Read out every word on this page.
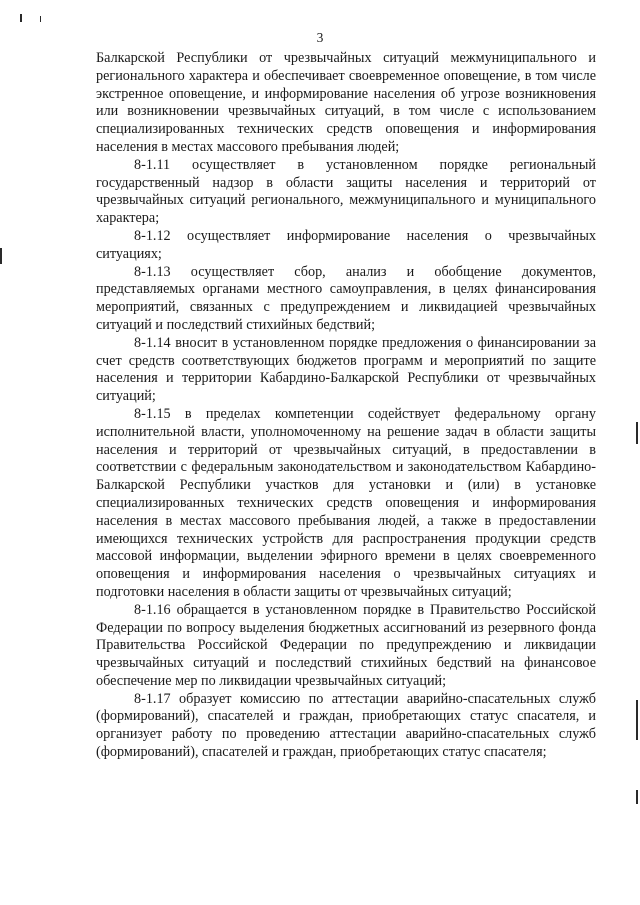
3

Балкарской Республики от чрезвычайных ситуаций межмуниципального и регионального характера и обеспечивает своевременное оповещение, в том числе экстренное оповещение, и информирование населения об угрозе возникновения или возникновении чрезвычайных ситуаций, в том числе с использованием специализированных технических средств оповещения и информирования населения в местах массового пребывания людей;

8-1.11 осуществляет в установленном порядке региональный государственный надзор в области защиты населения и территорий от чрезвычайных ситуаций регионального, межмуниципального и муниципального характера;

8-1.12 осуществляет информирование населения о чрезвычайных ситуациях;

8-1.13 осуществляет сбор, анализ и обобщение документов, представляемых органами местного самоуправления, в целях финансирования мероприятий, связанных с предупреждением и ликвидацией чрезвычайных ситуаций и последствий стихийных бедствий;

8-1.14 вносит в установленном порядке предложения о финансировании за счет средств соответствующих бюджетов программ и мероприятий по защите населения и территории Кабардино-Балкарской Республики от чрезвычайных ситуаций;

8-1.15 в пределах компетенции содействует федеральному органу исполнительной власти, уполномоченному на решение задач в области защиты населения и территорий от чрезвычайных ситуаций, в предоставлении в соответствии с федеральным законодательством и законодательством Кабардино-Балкарской Республики участков для установки и (или) в установке специализированных технических средств оповещения и информирования населения в местах массового пребывания людей, а также в предоставлении имеющихся технических устройств для распространения продукции средств массовой информации, выделении эфирного времени в целях своевременного оповещения и информирования населения о чрезвычайных ситуациях и подготовки населения в области защиты от чрезвычайных ситуаций;

8-1.16 обращается в установленном порядке в Правительство Российской Федерации по вопросу выделения бюджетных ассигнований из резервного фонда Правительства Российской Федерации по предупреждению и ликвидации чрезвычайных ситуаций и последствий стихийных бедствий на финансовое обеспечение мер по ликвидации чрезвычайных ситуаций;

8-1.17 образует комиссию по аттестации аварийно-спасательных служб (формирований), спасателей и граждан, приобретающих статус спасателя, и организует работу по проведению аттестации аварийно-спасательных служб (формирований), спасателей и граждан, приобретающих статус спасателя;
